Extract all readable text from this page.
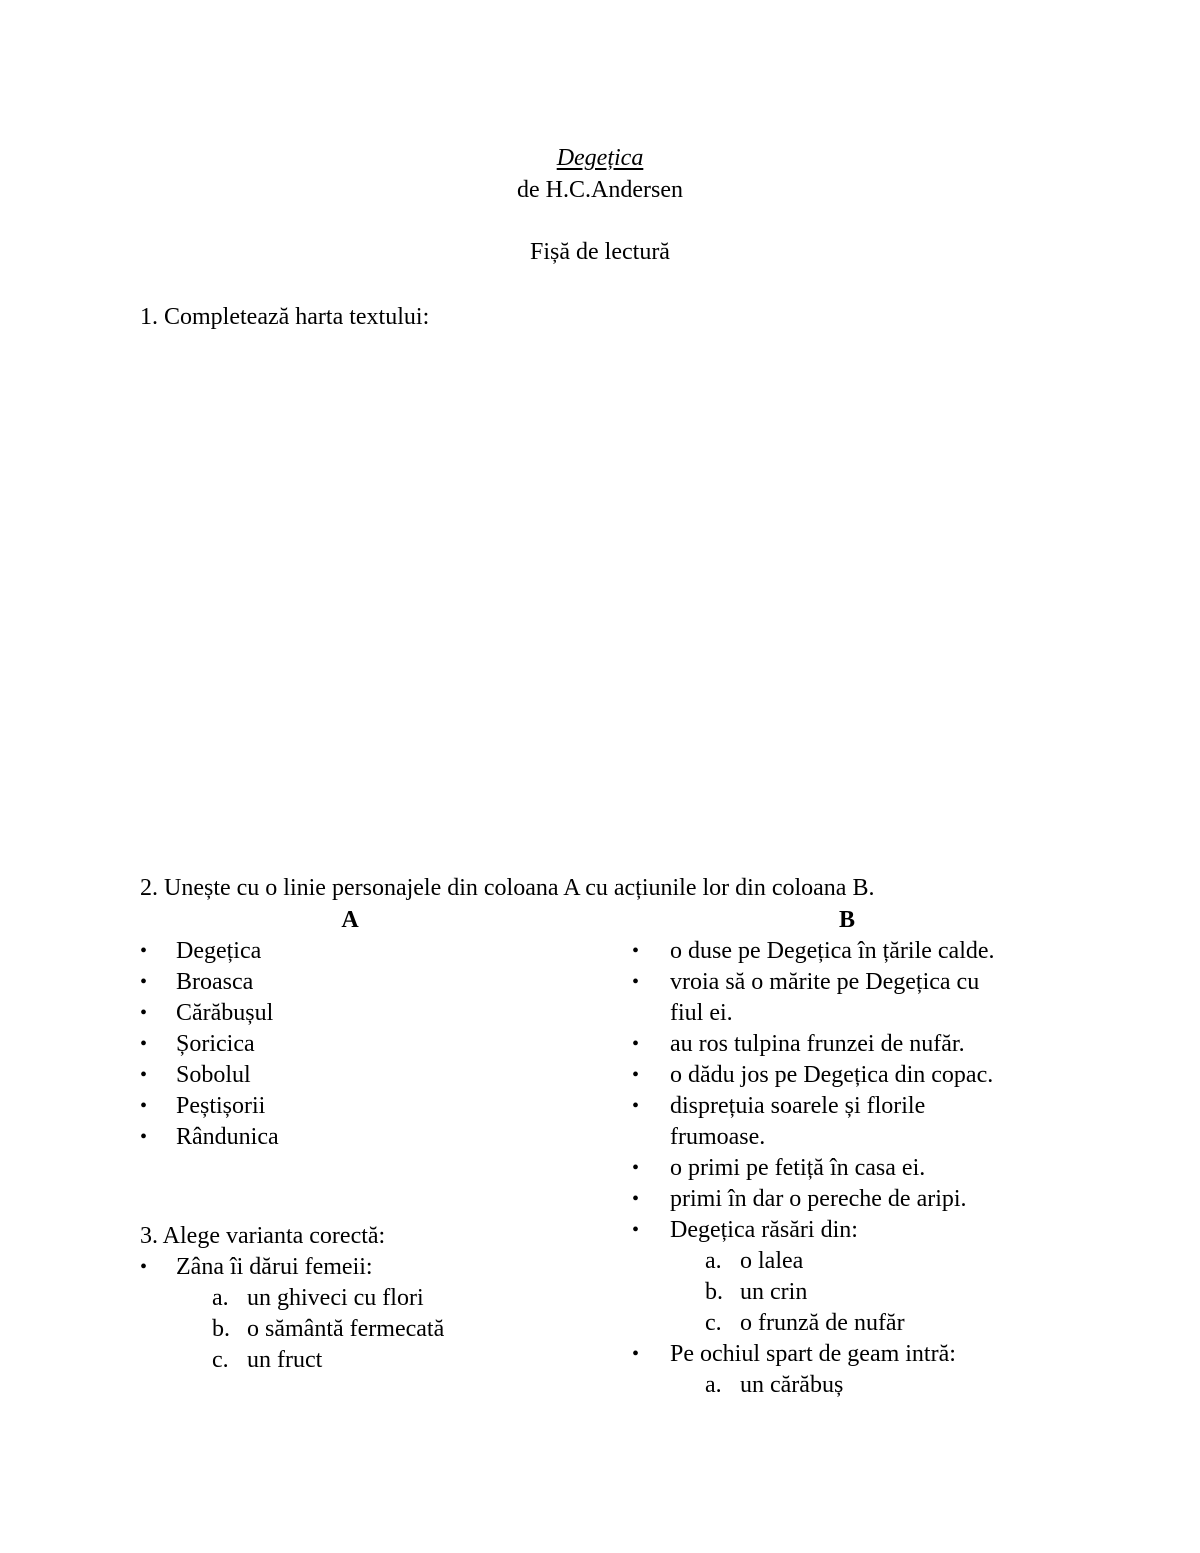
Degețica

de H.C.Andersen

Fișă de lectură

1. Completează harta textului:

2. Unește cu o linie personajele din coloana A cu acțiunile lor din coloana B.

A
• Degețica
• Broasca
• Cărăbușul
• Șoricica
• Sobolul
• Peștișorii
• Rândunica
B
• o duse pe Degețica în țările calde.
• vroia să o mărite pe Degețica cu
fiul ei.
• au ros tulpina frunzei de nufăr.
• o dădu jos pe Degețica din copac.
• disprețuia soarele și florile
frumoase.
• o primi pe fetiță în casa ei.
• primi în dar o pereche de aripi.
• Degețica răsări din:
a. o lalea
b. un crin
c. o frunză de nufăr
• Pe ochiul spart de geam intră:
a. un cărăbuș
3. Alege varianta corectă:
• Zâna îi dărui femeii:
a. un ghiveci cu flori
b. o sământă fermecată
c. un fruct
